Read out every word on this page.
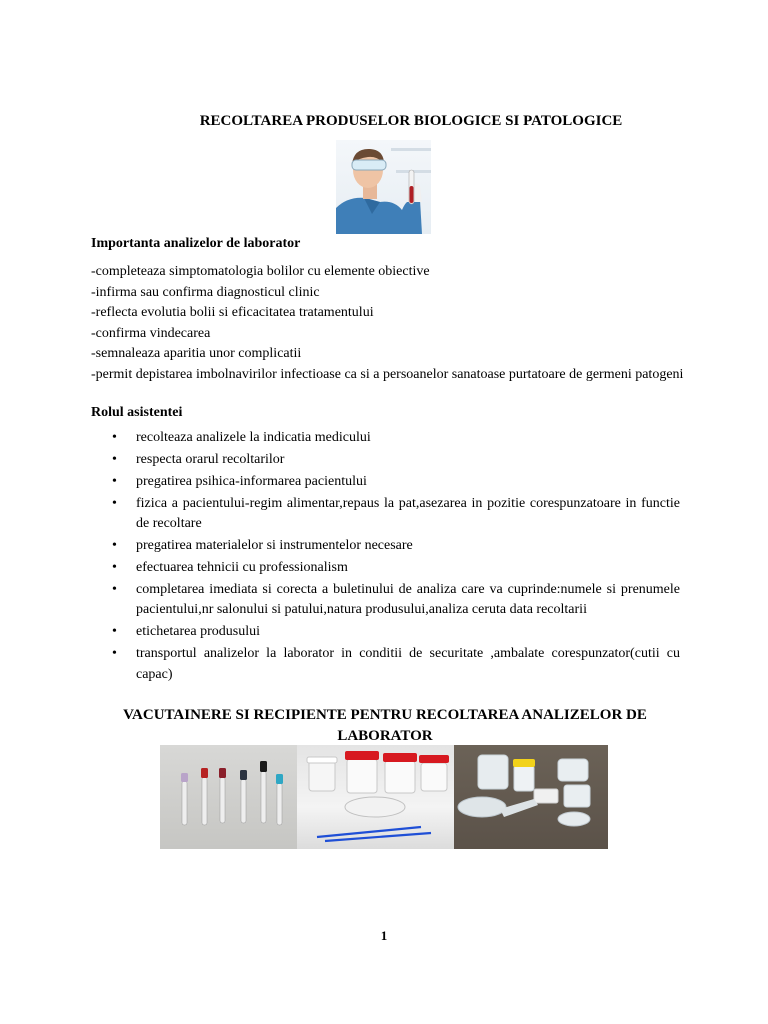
RECOLTAREA PRODUSELOR BIOLOGICE SI PATOLOGICE
Importanta analizelor de laborator
-completeaza simptomatologia bolilor cu elemente obiective
-infirma sau confirma diagnosticul clinic
-reflecta evolutia bolii si eficacitatea tratamentului
-confirma vindecarea
-semnaleaza aparitia unor complicatii
-permit depistarea imbolnavirilor infectioase ca si a persoanelor sanatoase purtatoare de germeni patogeni
Rolul asistentei
• recolteaza analizele la indicatia medicului
• respecta orarul recoltarilor
• pregatirea psihica-informarea pacientului
• fizica a pacientului-regim alimentar,repaus la pat,asezarea in pozitie corespunzatoare in functie de recoltare
• pregatirea materialelor si instrumentelor necesare
• efectuarea tehnicii cu professionalism
• completarea imediata si corecta a buletinului de analiza care va cuprinde:numele si prenumele pacientului,nr salonului si patului,natura produsului,analiza ceruta data recoltarii
• etichetarea produsului
• transportul analizelor la laborator in conditii de securitate ,ambalate corespunzator(cutii cu capac)
VACUTAINERE SI RECIPIENTE PENTRU RECOLTAREA ANALIZELOR DE LABORATOR
1
